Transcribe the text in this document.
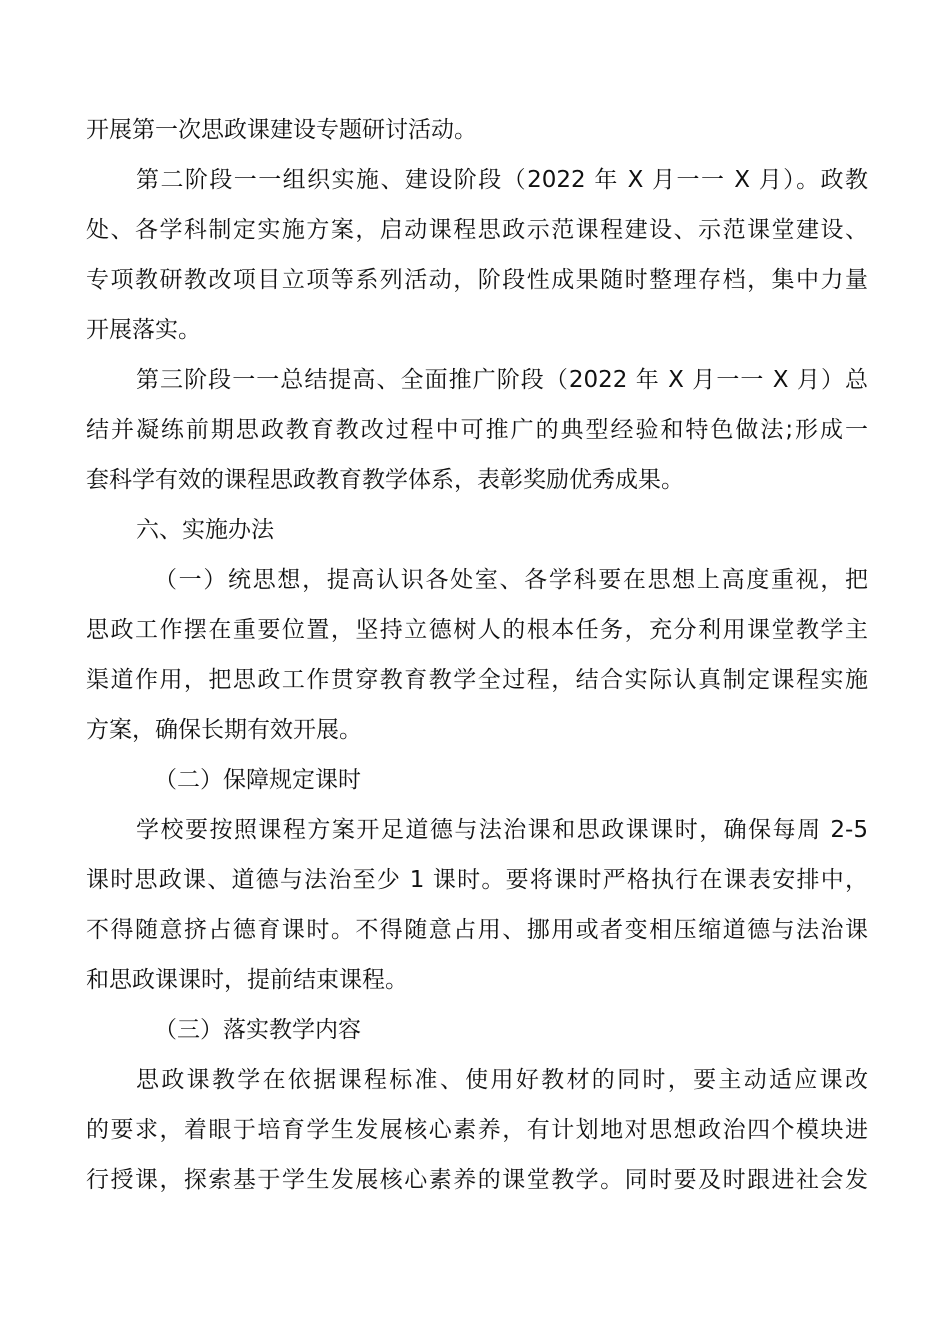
开展第一次思政课建设专题研讨活动。
第二阶段一一组织实施、建设阶段（2022 年 X 月一一 X 月）。政教
处、各学科制定实施方案，启动课程思政示范课程建设、示范课堂建设、
专项教研教改项目立项等系列活动，阶段性成果随时整理存档，集中力量
开展落实。
第三阶段一一总结提高、全面推广阶段（2022 年 X 月一一 X 月）总
结并凝练前期思政教育教改过程中可推广的典型经验和特色做法;形成一
套科学有效的课程思政教育教学体系，表彰奖励优秀成果。
六、实施办法
（一）统思想，提高认识各处室、各学科要在思想上高度重视，把
思政工作摆在重要位置，坚持立德树人的根本任务，充分利用课堂教学主
渠道作用，把思政工作贯穿教育教学全过程，结合实际认真制定课程实施
方案，确保长期有效开展。
（二）保障规定课时
学校要按照课程方案开足道德与法治课和思政课课时，确保每周 2-5
课时思政课、道德与法治至少 1 课时。要将课时严格执行在课表安排中，
不得随意挤占德育课时。不得随意占用、挪用或者变相压缩道德与法治课
和思政课课时，提前结束课程。
（三）落实教学内容
思政课教学在依据课程标准、使用好教材的同时，要主动适应课改
的要求，着眼于培育学生发展核心素养，有计划地对思想政治四个模块进
行授课，探索基于学生发展核心素养的课堂教学。同时要及时跟进社会发
